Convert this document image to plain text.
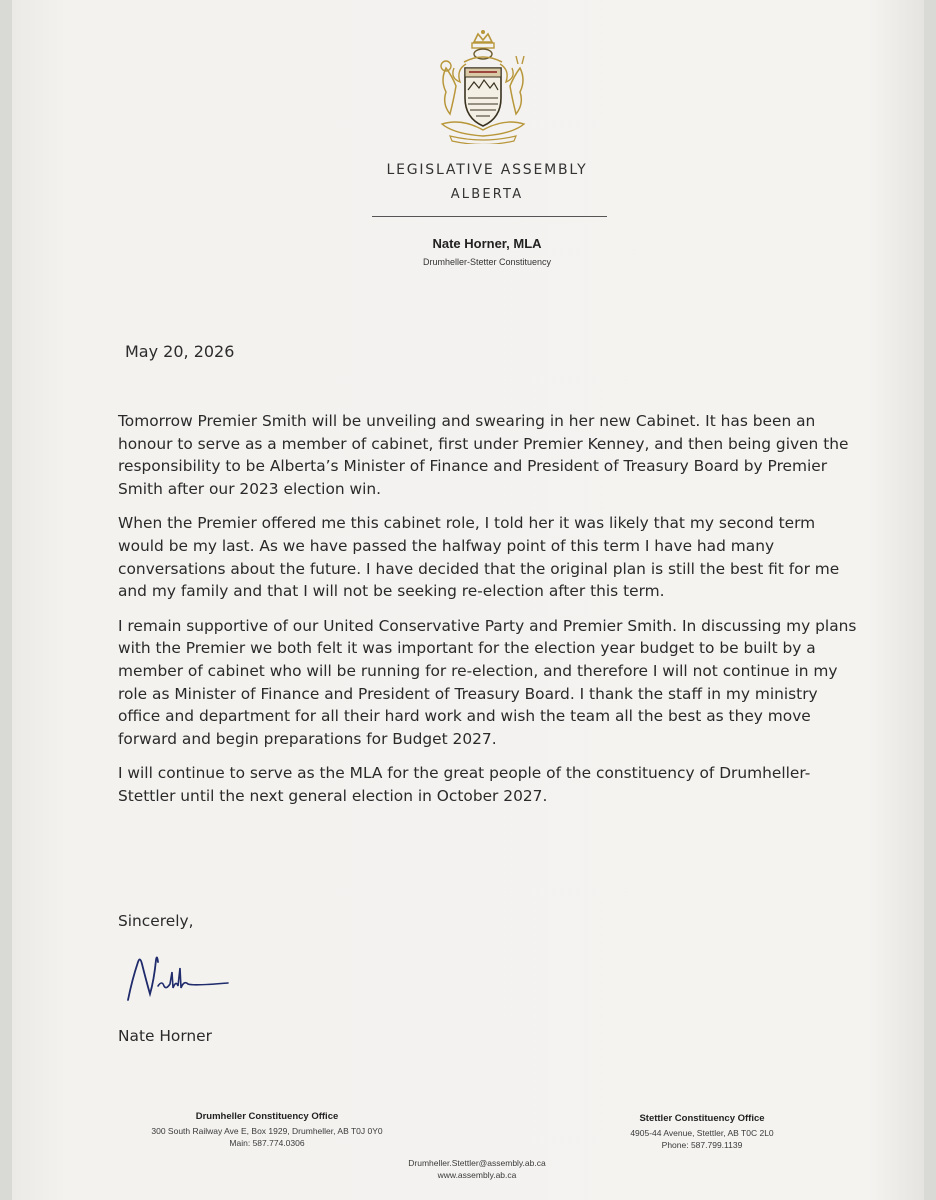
LEGISLATIVE ASSEMBLY
ALBERTA
Nate Horner, MLA
Drumheller-Stetter Constituency
May 20, 2026

Tomorrow Premier Smith will be unveiling and swearing in her new Cabinet. It has been an honour to serve as a member of cabinet, first under Premier Kenney, and then being given the responsibility to be Alberta’s Minister of Finance and President of Treasury Board by Premier Smith after our 2023 election win.

When the Premier offered me this cabinet role, I told her it was likely that my second term would be my last. As we have passed the halfway point of this term I have had many conversations about the future. I have decided that the original plan is still the best fit for me and my family and that I will not be seeking re-election after this term.

I remain supportive of our United Conservative Party and Premier Smith. In discussing my plans with the Premier we both felt it was important for the election year budget to be built by a member of cabinet who will be running for re-election, and therefore I will not continue in my role as Minister of Finance and President of Treasury Board. I thank the staff in my ministry office and department for all their hard work and wish the team all the best as they move forward and begin preparations for Budget 2027.

I will continue to serve as the MLA for the great people of the constituency of Drumheller-Stettler until the next general election in October 2027.

Sincerely,
Nate Horner
Drumheller Constituency Office
300 South Railway Ave E, Box 1929, Drumheller, AB T0J 0Y0
Main: 587.774.0306
Stettler Constituency Office
4905-44 Avenue, Stettler, AB T0C 2L0
Phone: 587.799.1139
Drumheller.Stettler@assembly.ab.ca
www.assembly.ab.ca
